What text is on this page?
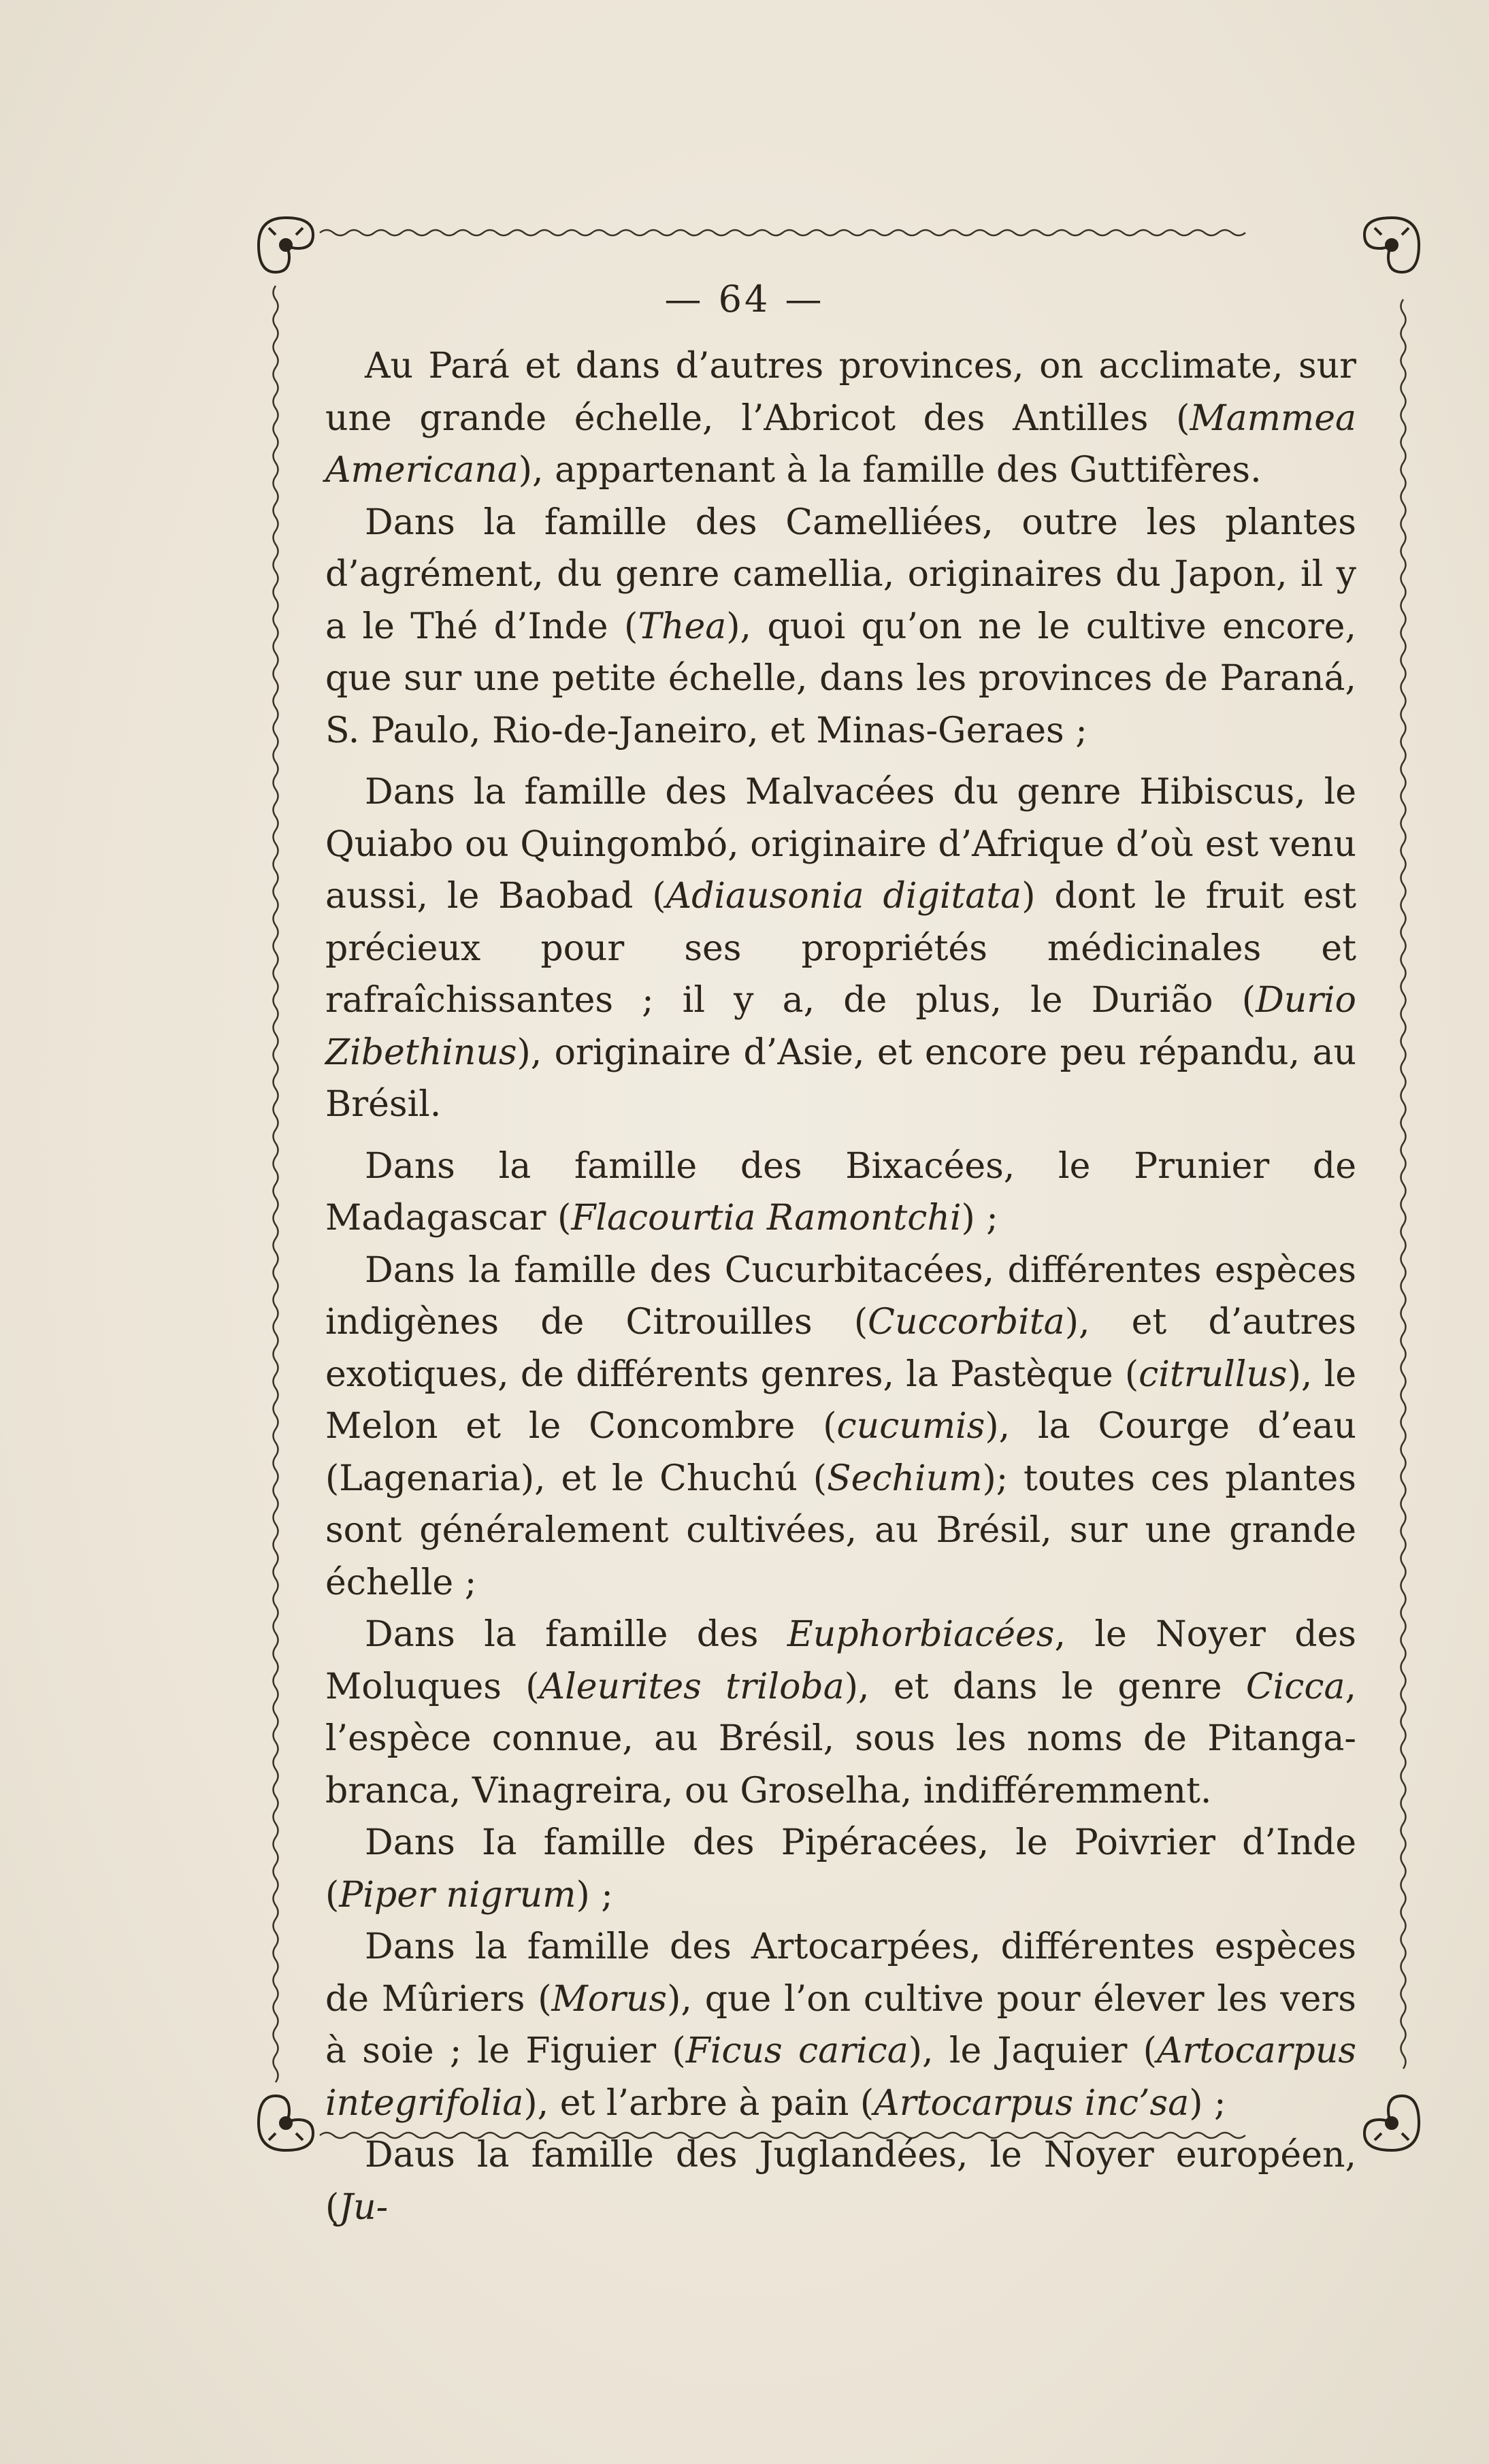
— 64 —

Au Pará et dans d’autres provinces, on acclimate, sur une grande échelle, l’Abricot des Antilles (Mammea Americana), appartenant à la famille des Guttifères.

Dans la famille des Camelliées, outre les plantes d’agrément, du genre camellia, originaires du Japon, il y a le Thé d’Inde (Thea), quoi qu’on ne le cultive encore, que sur une petite échelle, dans les provinces de Paraná, S. Paulo, Rio-de-Janeiro, et Minas-Geraes ;

Dans la famille des Malvacées du genre Hibiscus, le Quiabo ou Quingombó, originaire d’Afrique d’où est venu aussi, le Baobad (Adiausonia digitata) dont le fruit est précieux pour ses propriétés médicinales et rafraîchissantes ; il y a, de plus, le Durião (Durio Zibethinus), originaire d’Asie, et encore peu répandu, au Brésil.

Dans la famille des Bixacées, le Prunier de Madagascar (Flacourtia Ramontchi) ;

Dans la famille des Cucurbitacées, différentes espèces indigènes de Citrouilles (Cuccorbita), et d’autres exotiques, de différents genres, la Pastèque (citrullus), le Melon et le Concombre (cucumis), la Courge d’eau (Lagenaria), et le Chuchú (Sechium); toutes ces plantes sont généralement cultivées, au Brésil, sur une grande échelle ;

Dans la famille des Euphorbiacées, le Noyer des Moluques (Aleurites triloba), et dans le genre Cicca, l’espèce connue, au Brésil, sous les noms de Pitanga-branca, Vinagreira, ou Groselha, indifféremment.

Dans Ia famille des Pipéracées, le Poivrier d’Inde (Piper nigrum) ;

Dans la famille des Artocarpées, différentes espèces de Mûriers (Morus), que l’on cultive pour élever les vers à soie ; le Figuier (Ficus carica), le Jaquier (Artocarpus integrifolia), et l’arbre à pain (Artocarpus inc’sa) ;

Daus la famille des Juglandées, le Noyer européen, (Ju-
